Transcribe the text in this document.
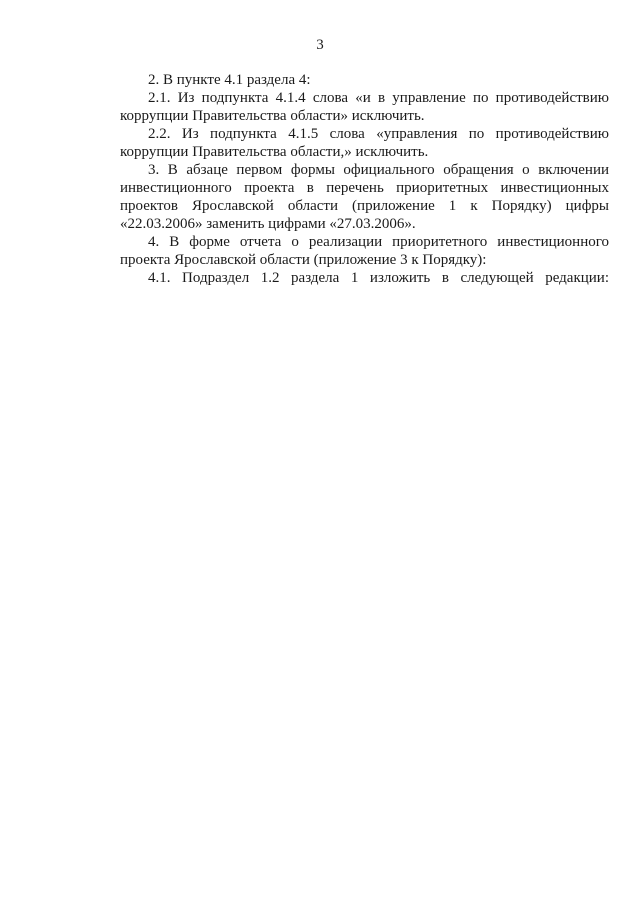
3

2. В пункте 4.1 раздела 4:

2.1. Из подпункта 4.1.4 слова «и в управление по противодействию коррупции Правительства области» исключить.

2.2. Из подпункта 4.1.5 слова «управления по противодействию коррупции Правительства области,» исключить.

3. В абзаце первом формы официального обращения о включении инвестиционного проекта в перечень приоритетных инвестиционных проектов Ярославской области (приложение 1 к Порядку) цифры «22.03.2006» заменить цифрами «27.03.2006».

4. В форме отчета о реализации приоритетного инвестиционного проекта Ярославской области (приложение 3 к Порядку):

4.1. Подраздел 1.2 раздела 1 изложить в следующей редакции:
